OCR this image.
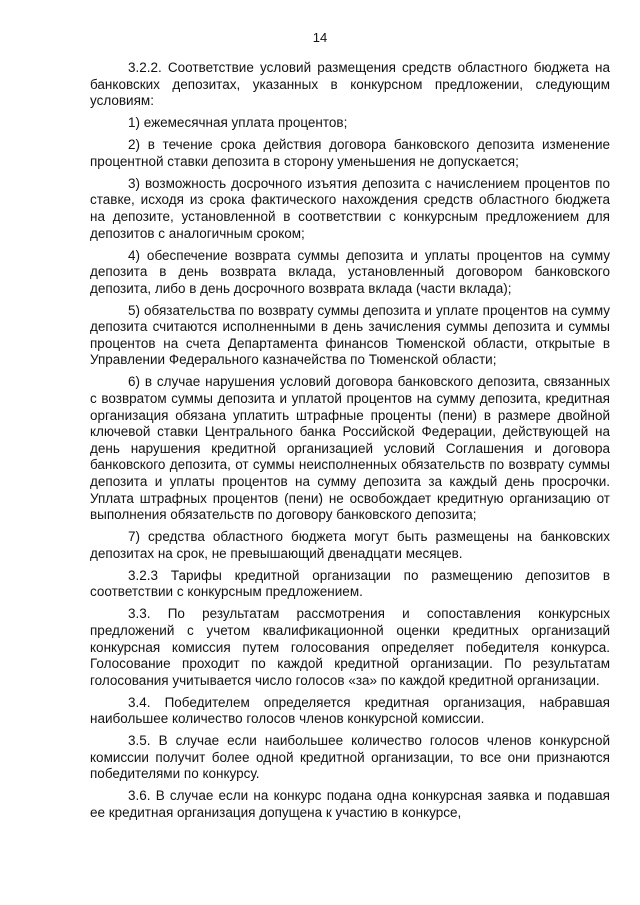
14

3.2.2. Соответствие условий размещения средств областного бюджета на банковских депозитах, указанных в конкурсном предложении, следующим условиям:

1) ежемесячная уплата процентов;

2) в течение срока действия договора банковского депозита изменение процентной ставки депозита в сторону уменьшения не допускается;

3) возможность досрочного изъятия депозита с начислением процентов по ставке, исходя из срока фактического нахождения средств областного бюджета на депозите, установленной в соответствии с конкурсным предложением для депозитов с аналогичным сроком;

4) обеспечение возврата суммы депозита и уплаты процентов на сумму депозита в день возврата вклада, установленный договором банковского депозита, либо в день досрочного возврата вклада (части вклада);

5) обязательства по возврату суммы депозита и уплате процентов на сумму депозита считаются исполненными в день зачисления суммы депозита и суммы процентов на счета Департамента финансов Тюменской области, открытые в Управлении Федерального казначейства по Тюменской области;

6) в случае нарушения условий договора банковского депозита, связанных с возвратом суммы депозита и уплатой процентов на сумму депозита, кредитная организация обязана уплатить штрафные проценты (пени) в размере двойной ключевой ставки Центрального банка Российской Федерации, действующей на день нарушения кредитной организацией условий Соглашения и договора банковского депозита, от суммы неисполненных обязательств по возврату суммы депозита и уплаты процентов на сумму депозита за каждый день просрочки. Уплата штрафных процентов (пени) не освобождает кредитную организацию от выполнения обязательств по договору банковского депозита;

7) средства областного бюджета могут быть размещены на банковских депозитах на срок, не превышающий двенадцати месяцев.

3.2.3 Тарифы кредитной организации по размещению депозитов в соответствии с конкурсным предложением.

3.3. По результатам рассмотрения и сопоставления конкурсных предложений с учетом квалификационной оценки кредитных организаций конкурсная комиссия путем голосования определяет победителя конкурса. Голосование проходит по каждой кредитной организации. По результатам голосования учитывается число голосов «за» по каждой кредитной организации.

3.4. Победителем определяется кредитная организация, набравшая наибольшее количество голосов членов конкурсной комиссии.

3.5. В случае если наибольшее количество голосов членов конкурсной комиссии получит более одной кредитной организации, то все они признаются победителями по конкурсу.

3.6. В случае если на конкурс подана одна конкурсная заявка и подавшая ее кредитная организация допущена к участию в конкурсе,
